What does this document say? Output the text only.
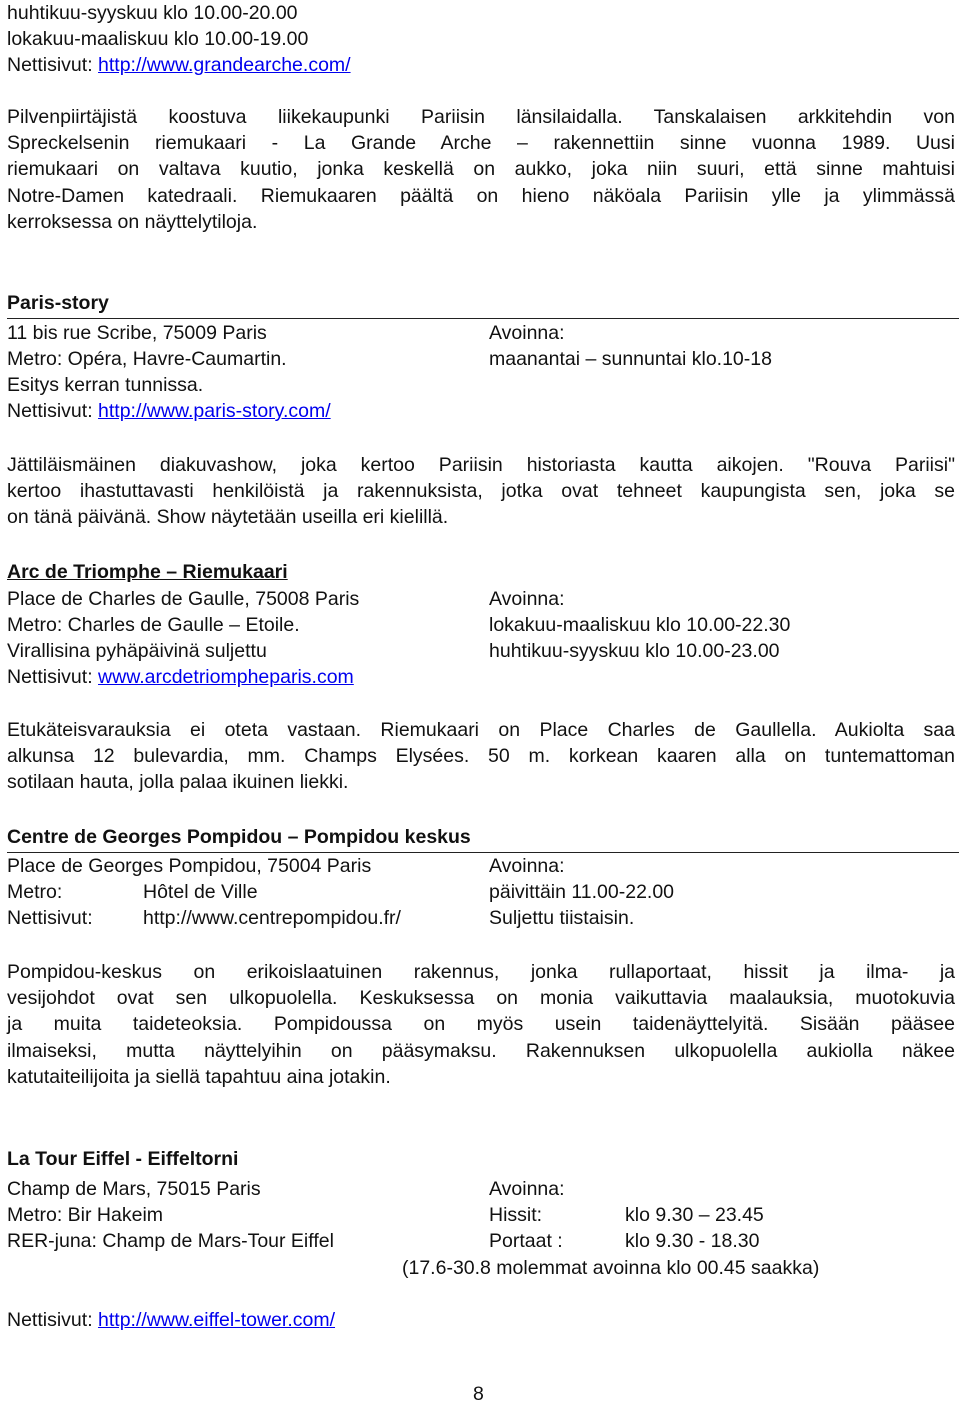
huhtikuu-syyskuu klo 10.00-20.00
lokakuu-maaliskuu klo 10.00-19.00
Nettisivut: http://www.grandearche.com/

Pilvenpiirtäjistä koostuva liikekaupunki Pariisin länsilaidalla. Tanskalaisen arkkitehdin von
Spreckelsenin riemukaari - La Grande Arche – rakennettiin sinne vuonna 1989. Uusi
riemukaari on valtava kuutio, jonka keskellä on aukko, joka niin suuri, että sinne mahtuisi
Notre-Damen katedraali. Riemukaaren päältä on hieno näköala Pariisin ylle ja ylimmässä
kerroksessa on näyttelytiloja.

Paris-story
11 bis rue Scribe, 75009 Paris	Avoinna:
Metro: Opéra, Havre-Caumartin.	maanantai – sunnuntai klo.10-18
Esitys kerran tunnissa.
Nettisivut: http://www.paris-story.com/

Jättiläismäinen diakuvashow, joka kertoo Pariisin historiasta kautta aikojen. "Rouva Pariisi"
kertoo ihastuttavasti henkilöistä ja rakennuksista, jotka ovat tehneet kaupungista sen, joka se
on tänä päivänä. Show näytetään useilla eri kielillä.

Arc de Triomphe – Riemukaari
Place de Charles de Gaulle, 75008 Paris	Avoinna:
Metro: Charles de Gaulle – Etoile.	lokakuu-maaliskuu klo 10.00-22.30
Virallisina pyhäpäivinä suljettu	huhtikuu-syyskuu klo 10.00-23.00
Nettisivut: www.arcdetriompheparis.com

Etukäteisvarauksia ei oteta vastaan. Riemukaari on Place Charles de Gaullella. Aukiolta saa
alkunsa 12 bulevardia, mm. Champs Elysées. 50 m. korkean kaaren alla on tuntemattoman
sotilaan hauta, jolla palaa ikuinen liekki.

Centre de Georges Pompidou – Pompidou keskus
Place de Georges Pompidou, 75004 Paris	Avoinna:
Metro:	Hôtel de Ville	päivittäin 11.00-22.00
Nettisivut:	http://www.centrepompidou.fr/	Suljettu tiistaisin.

Pompidou-keskus on erikoislaatuinen rakennus, jonka rullaportaat, hissit ja ilma- ja
vesijohdot ovat sen ulkopuolella. Keskuksessa on monia vaikuttavia maalauksia, muotokuvia
ja muita taideteoksia. Pompidoussa on myös usein taidenäyttelyitä. Sisään pääsee
ilmaiseksi, mutta näyttelyihin on pääsymaksu. Rakennuksen ulkopuolella aukiolla näkee
katutaiteilijoita ja siellä tapahtuu aina jotakin.

La Tour Eiffel - Eiffeltorni
Champ de Mars, 75015 Paris	Avoinna:
Metro: Bir Hakeim	Hissit:	klo 9.30 – 23.45
RER-juna: Champ de Mars-Tour Eiffel	Portaat :	klo 9.30 - 18.30
(17.6-30.8 molemmat avoinna klo 00.45 saakka)
Nettisivut: http://www.eiffel-tower.com/
8
